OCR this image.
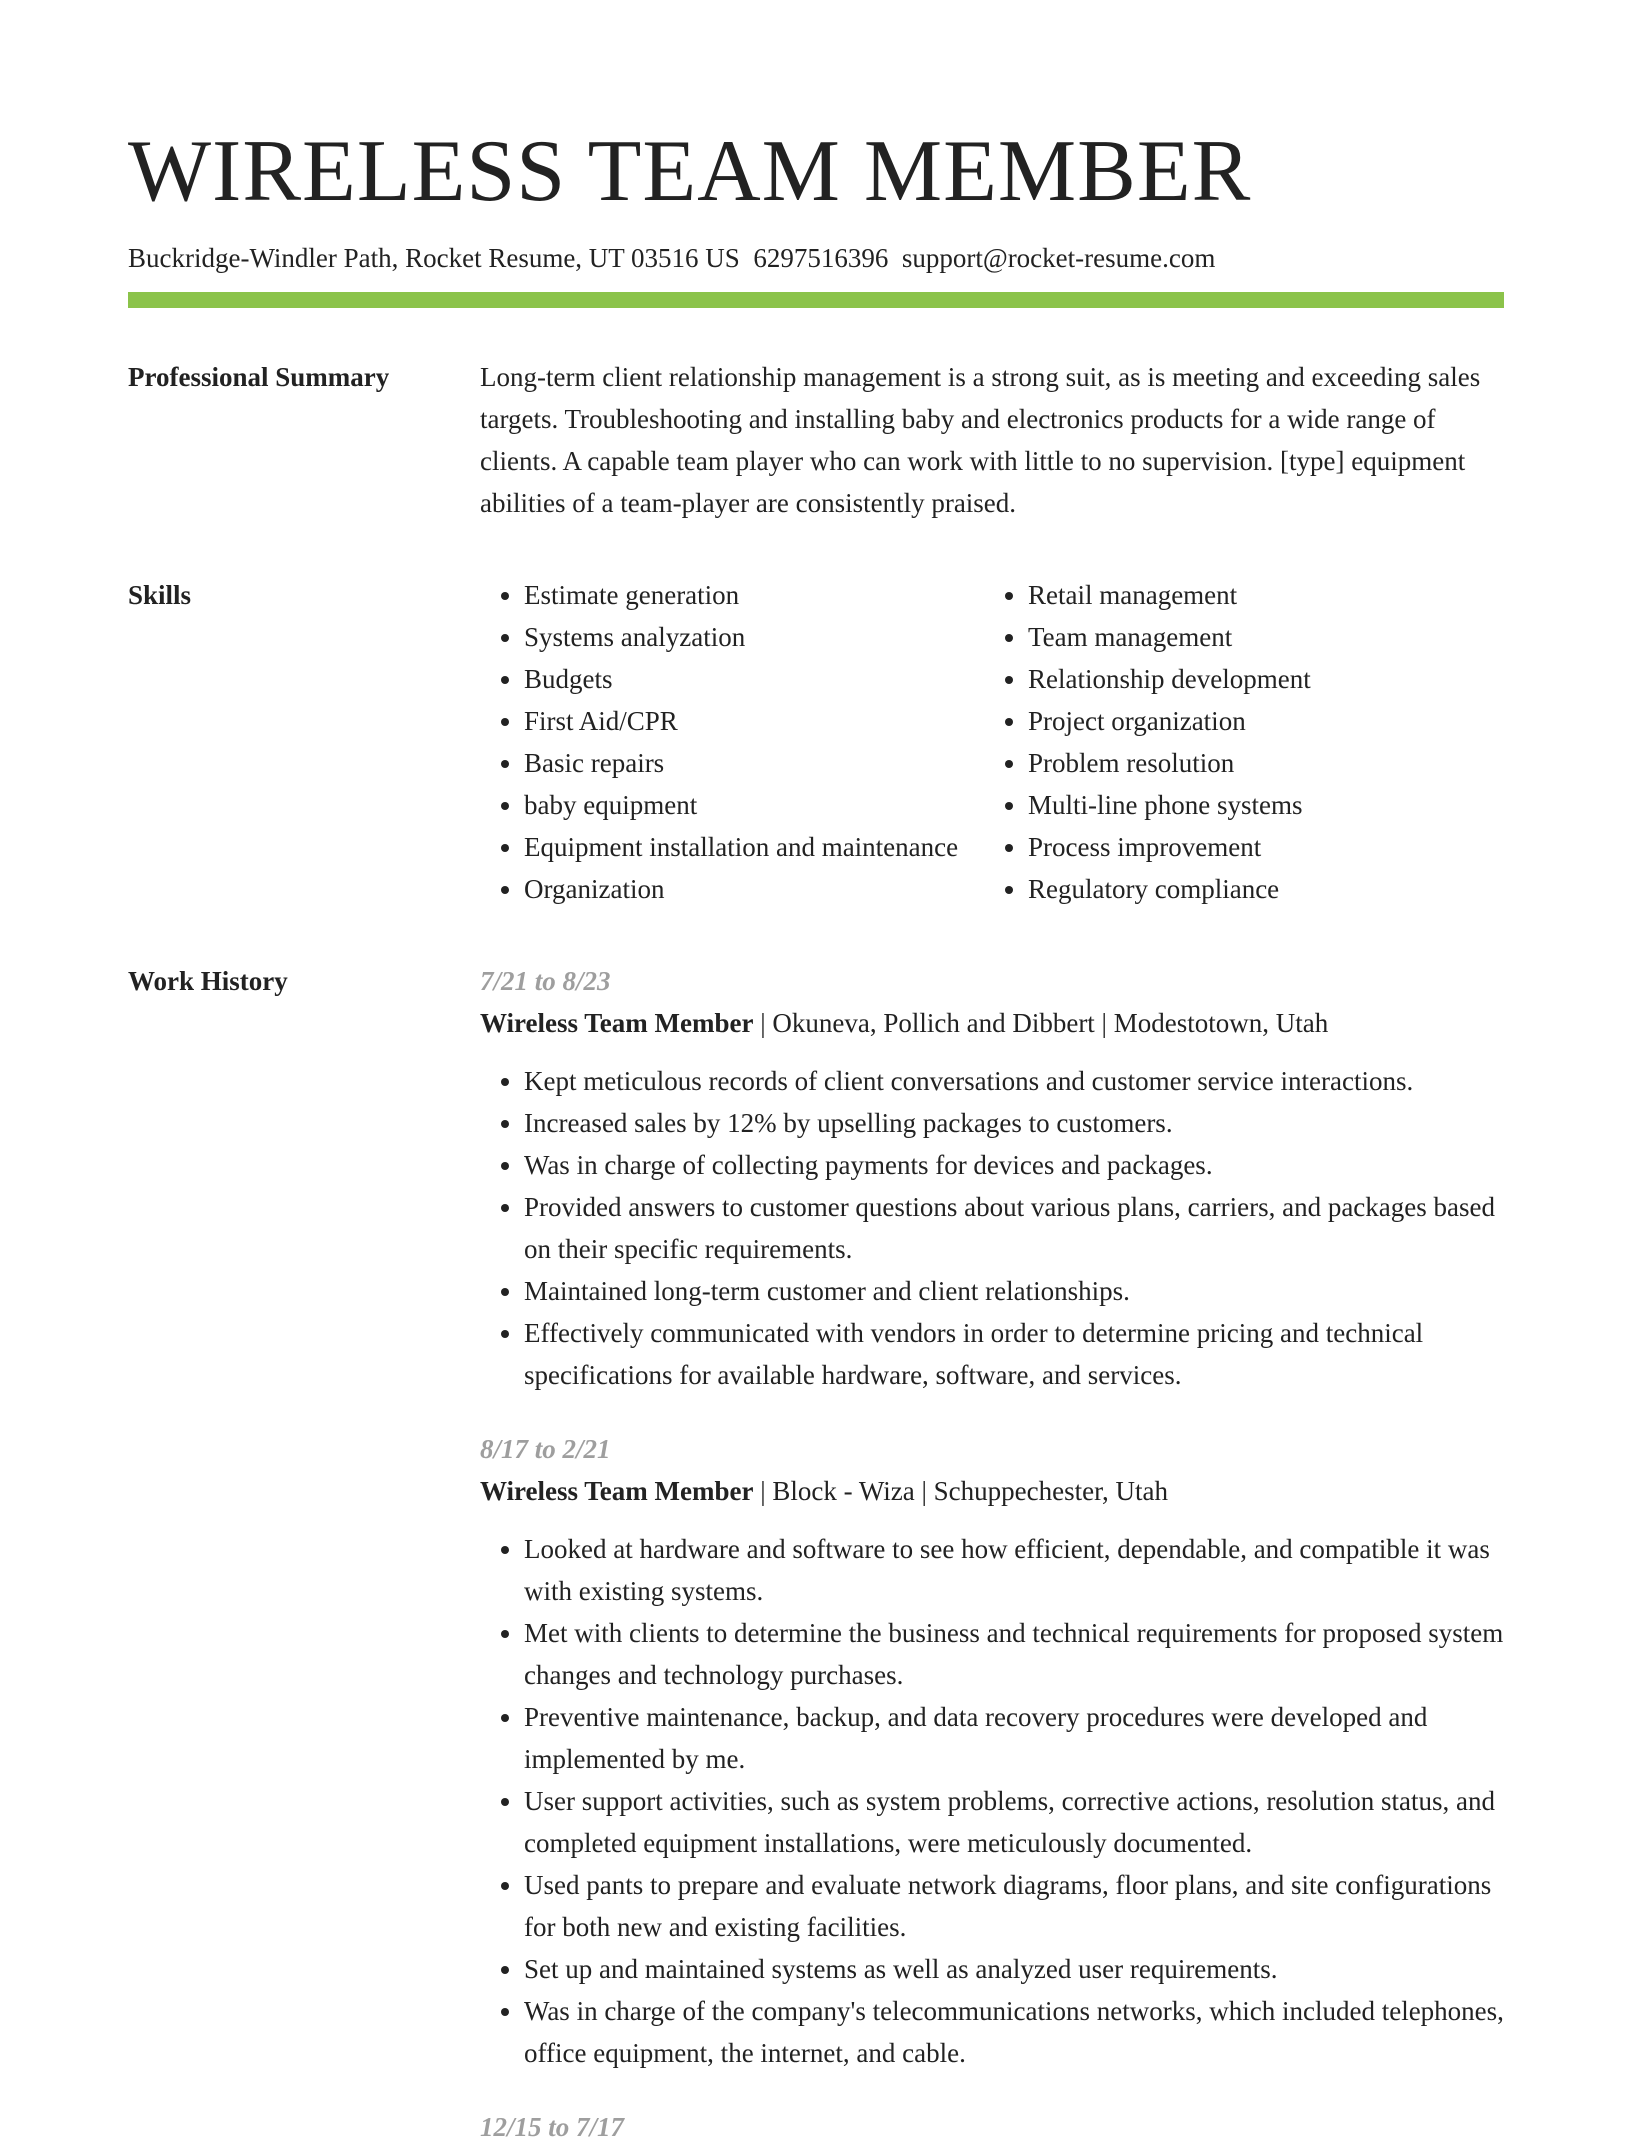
WIRELESS TEAM MEMBER
Buckridge-Windler Path, Rocket Resume, UT 03516 US 6297516396 support@rocket-resume.com
Professional Summary	Long-term client relationship management is a strong suit, as is meeting and exceeding sales targets. Troubleshooting and installing baby and electronics products for a wide range of clients. A capable team player who can work with little to no supervision. [type] equipment abilities of a team-player are consistently praised.

Skills
•	Estimate generation
• Systems analyzation
• Budgets
• First Aid/CPR
• Basic repairs
• baby equipment
• Equipment installation and maintenance
• Organization
• Retail management
• Team management
• Relationship development
• Project organization
• Problem resolution
• Multi-line phone systems
• Process improvement
• Regulatory compliance
Work History	7/21 to 8/23
Wireless Team Member | Okuneva, Pollich and Dibbert | Modestotown, Utah
• Kept meticulous records of client conversations and customer service interactions.
• Increased sales by 12% by upselling packages to customers.
• Was in charge of collecting payments for devices and packages.
• Provided answers to customer questions about various plans, carriers, and packages based on their specific requirements.
• Maintained long-term customer and client relationships.
• Effectively communicated with vendors in order to determine pricing and technical specifications for available hardware, software, and services.
8/17 to 2/21
Wireless Team Member | Block - Wiza | Schuppechester, Utah
• Looked at hardware and software to see how efficient, dependable, and compatible it was with existing systems.
• Met with clients to determine the business and technical requirements for proposed system changes and technology purchases.
• Preventive maintenance, backup, and data recovery procedures were developed and implemented by me.
• User support activities, such as system problems, corrective actions, resolution status, and completed equipment installations, were meticulously documented.
• Used pants to prepare and evaluate network diagrams, floor plans, and site configurations for both new and existing facilities.
• Set up and maintained systems as well as analyzed user requirements.
• Was in charge of the company's telecommunications networks, which included telephones, office equipment, the internet, and cable.
12/15 to 7/17
